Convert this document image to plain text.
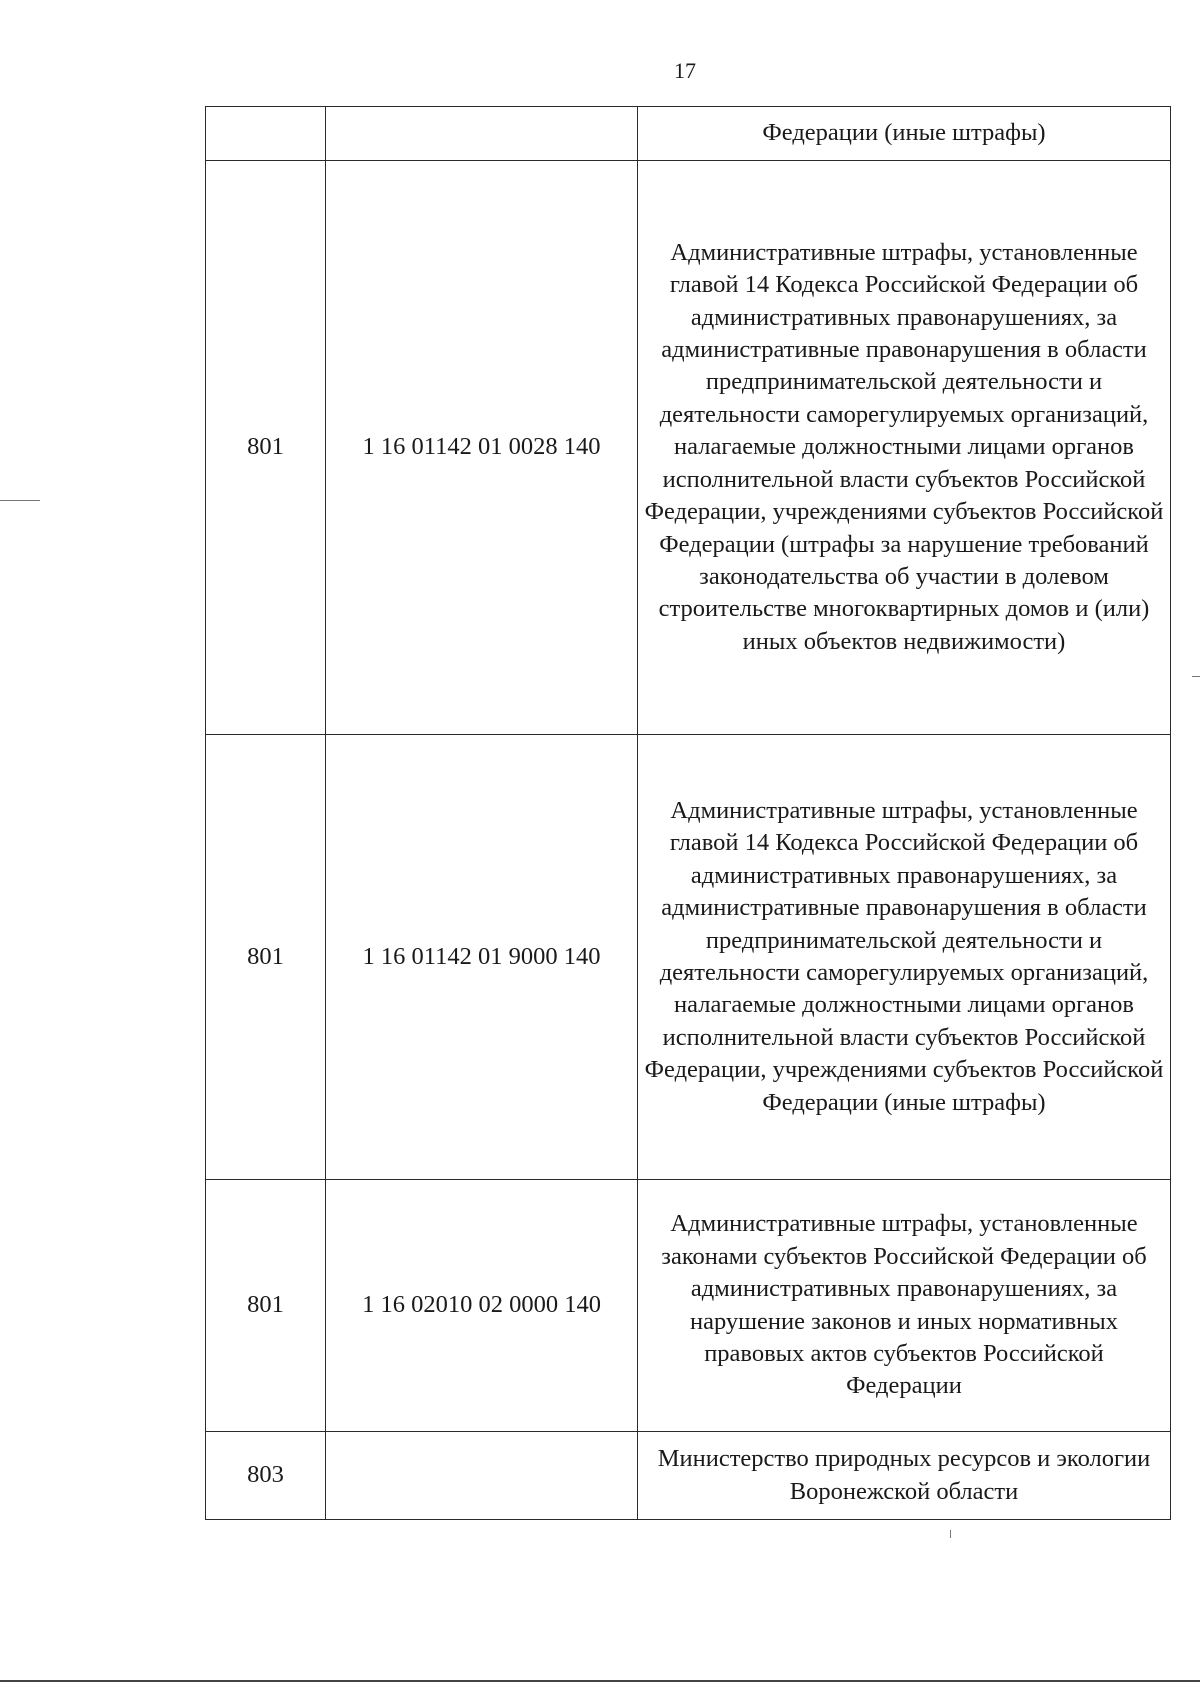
17

		Федерации (иные штрафы)

801	1 16 01142 01 0028 140	Административные штрафы, установленные главой 14 Кодекса Российской Федерации об административных правонарушениях, за административные правонарушения в области предпринимательской деятельности и деятельности саморегулируемых организаций, налагаемые должностными лицами органов исполнительной власти субъектов Российской Федерации, учреждениями субъектов Российской Федерации (штрафы за нарушение требований законодательства об участии в долевом строительстве многоквартирных домов и (или) иных объектов недвижимости)

801	1 16 01142 01 9000 140	Административные штрафы, установленные главой 14 Кодекса Российской Федерации об административных правонарушениях, за административные правонарушения в области предпринимательской деятельности и деятельности саморегулируемых организаций, налагаемые должностными лицами органов исполнительной власти субъектов Российской Федерации, учреждениями субъектов Российской Федерации (иные штрафы)

801	1 16 02010 02 0000 140	Административные штрафы, установленные законами субъектов Российской Федерации об административных правонарушениях, за нарушение законов и иных нормативных правовых актов субъектов Российской Федерации

803		Министерство природных ресурсов и экологии Воронежской области
